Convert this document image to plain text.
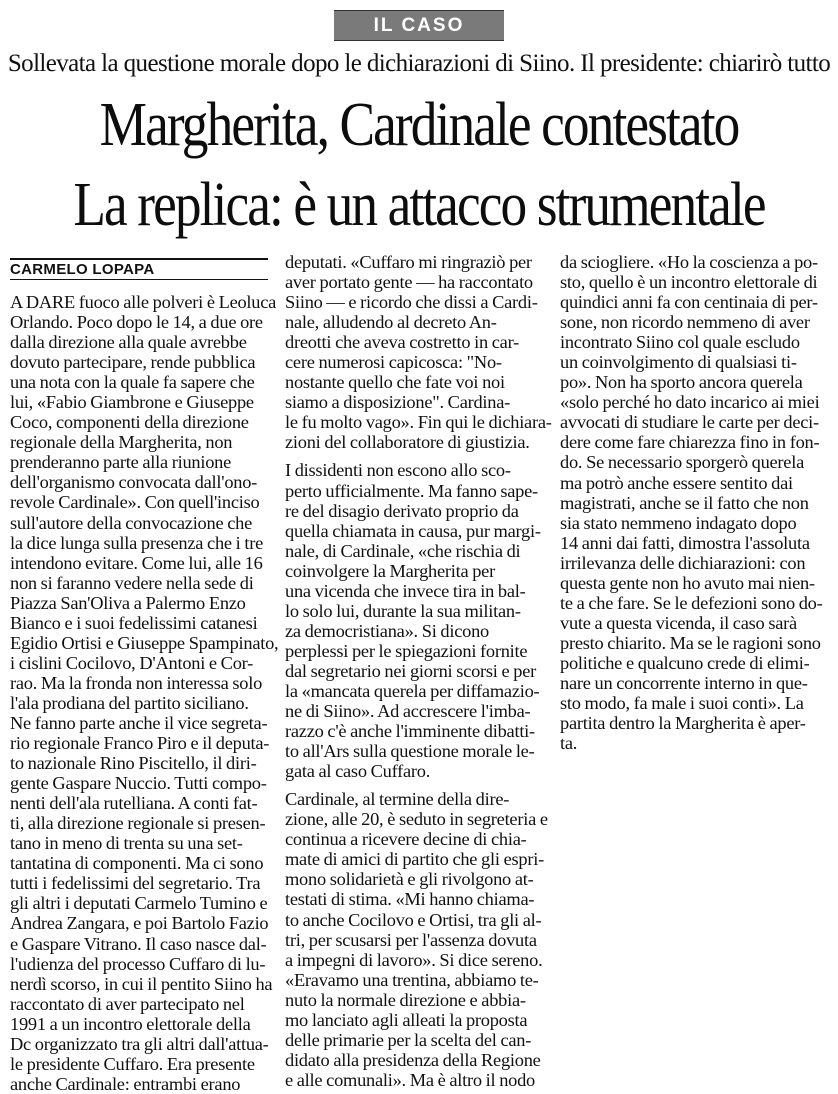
IL CASO
Sollevata la questione morale dopo le dichiarazioni di Siino. Il presidente: chiarirò tutto
Margherita, Cardinale contestato
La replica: è un attacco strumentale
CARMELO LOPAPA
A DARE fuoco alle polveri è Leoluca
Orlando. Poco dopo le 14, a due ore
dalla direzione alla quale avrebbe
dovuto partecipare, rende pubblica
una nota con la quale fa sapere che
lui, «Fabio Giambrone e Giuseppe
Coco, componenti della direzione
regionale della Margherita, non
prenderanno parte alla riunione
dell'organismo convocata dall'ono-
revole Cardinale». Con quell'inciso
sull'autore della convocazione che
la dice lunga sulla presenza che i tre
intendono evitare. Come lui, alle 16
non si faranno vedere nella sede di
Piazza San'Oliva a Palermo Enzo
Bianco e i suoi fedelissimi catanesi
Egidio Ortisi e Giuseppe Spampinato,
i cislini Cocilovo, D'Antoni e Cor-
rao. Ma la fronda non interessa solo
l'ala prodiana del partito siciliano.
Ne fanno parte anche il vice segreta-
rio regionale Franco Piro e il deputa-
to nazionale Rino Piscitello, il diri-
gente Gaspare Nuccio. Tutti compo-
nenti dell'ala rutelliana. A conti fat-
ti, alla direzione regionale si presen-
tano in meno di trenta su una set-
tantatina di componenti. Ma ci sono
tutti i fedelissimi del segretario. Tra
gli altri i deputati Carmelo Tumino e
Andrea Zangara, e poi Bartolo Fazio
e Gaspare Vitrano. Il caso nasce dal-
l'udienza del processo Cuffaro di lu-
nerdì scorso, in cui il pentito Siino ha
raccontato di aver partecipato nel
1991 a un incontro elettorale della
Dc organizzato tra gli altri dall'attua-
le presidente Cuffaro. Era presente
anche Cardinale: entrambi erano
deputati. «Cuffaro mi ringraziò per
aver portato gente — ha raccontato
Siino — e ricordo che dissi a Cardi-
nale, alludendo al decreto An-
dreotti che aveva costretto in car-
cere numerosi capicosca: "No-
nostante quello che fate voi noi
siamo a disposizione". Cardina-
le fu molto vago». Fin qui le dichiara-
zioni del collaboratore di giustizia.
I dissidenti non escono allo sco-
perto ufficialmente. Ma fanno sape-
re del disagio derivato proprio da
quella chiamata in causa, pur margi-
nale, di Cardinale, «che rischia di
coinvolgere la Margherita per
una vicenda che invece tira in bal-
lo solo lui, durante la sua militan-
za democristiana». Si dicono
perplessi per le spiegazioni fornite
dal segretario nei giorni scorsi e per
la «mancata querela per diffamazio-
ne di Siino». Ad accrescere l'imba-
razzo c'è anche l'imminente dibatti-
to all'Ars sulla questione morale le-
gata al caso Cuffaro.
Cardinale, al termine della dire-
zione, alle 20, è seduto in segreteria e
continua a ricevere decine di chia-
mate di amici di partito che gli espri-
mono solidarietà e gli rivolgono at-
testati di stima. «Mi hanno chiama-
to anche Cocilovo e Ortisi, tra gli al-
tri, per scusarsi per l'assenza dovuta
a impegni di lavoro». Si dice sereno.
«Eravamo una trentina, abbiamo te-
nuto la normale direzione e abbia-
mo lanciato agli alleati la proposta
delle primarie per la scelta del can-
didato alla presidenza della Regione
e alle comunali». Ma è altro il nodo
da sciogliere. «Ho la coscienza a po-
sto, quello è un incontro elettorale di
quindici anni fa con centinaia di per-
sone, non ricordo nemmeno di aver
incontrato Siino col quale escludo
un coinvolgimento di qualsiasi ti-
po». Non ha sporto ancora querela
«solo perché ho dato incarico ai miei
avvocati di studiare le carte per deci-
dere come fare chiarezza fino in fon-
do. Se necessario sporgerò querela
ma potrò anche essere sentito dai
magistrati, anche se il fatto che non
sia stato nemmeno indagato dopo
14 anni dai fatti, dimostra l'assoluta
irrilevanza delle dichiarazioni: con
questa gente non ho avuto mai nien-
te a che fare. Se le defezioni sono do-
vute a questa vicenda, il caso sarà
presto chiarito. Ma se le ragioni sono
politiche e qualcuno crede di elimi-
nare un concorrente interno in que-
sto modo, fa male i suoi conti». La
partita dentro la Margherita è aper-
ta.
